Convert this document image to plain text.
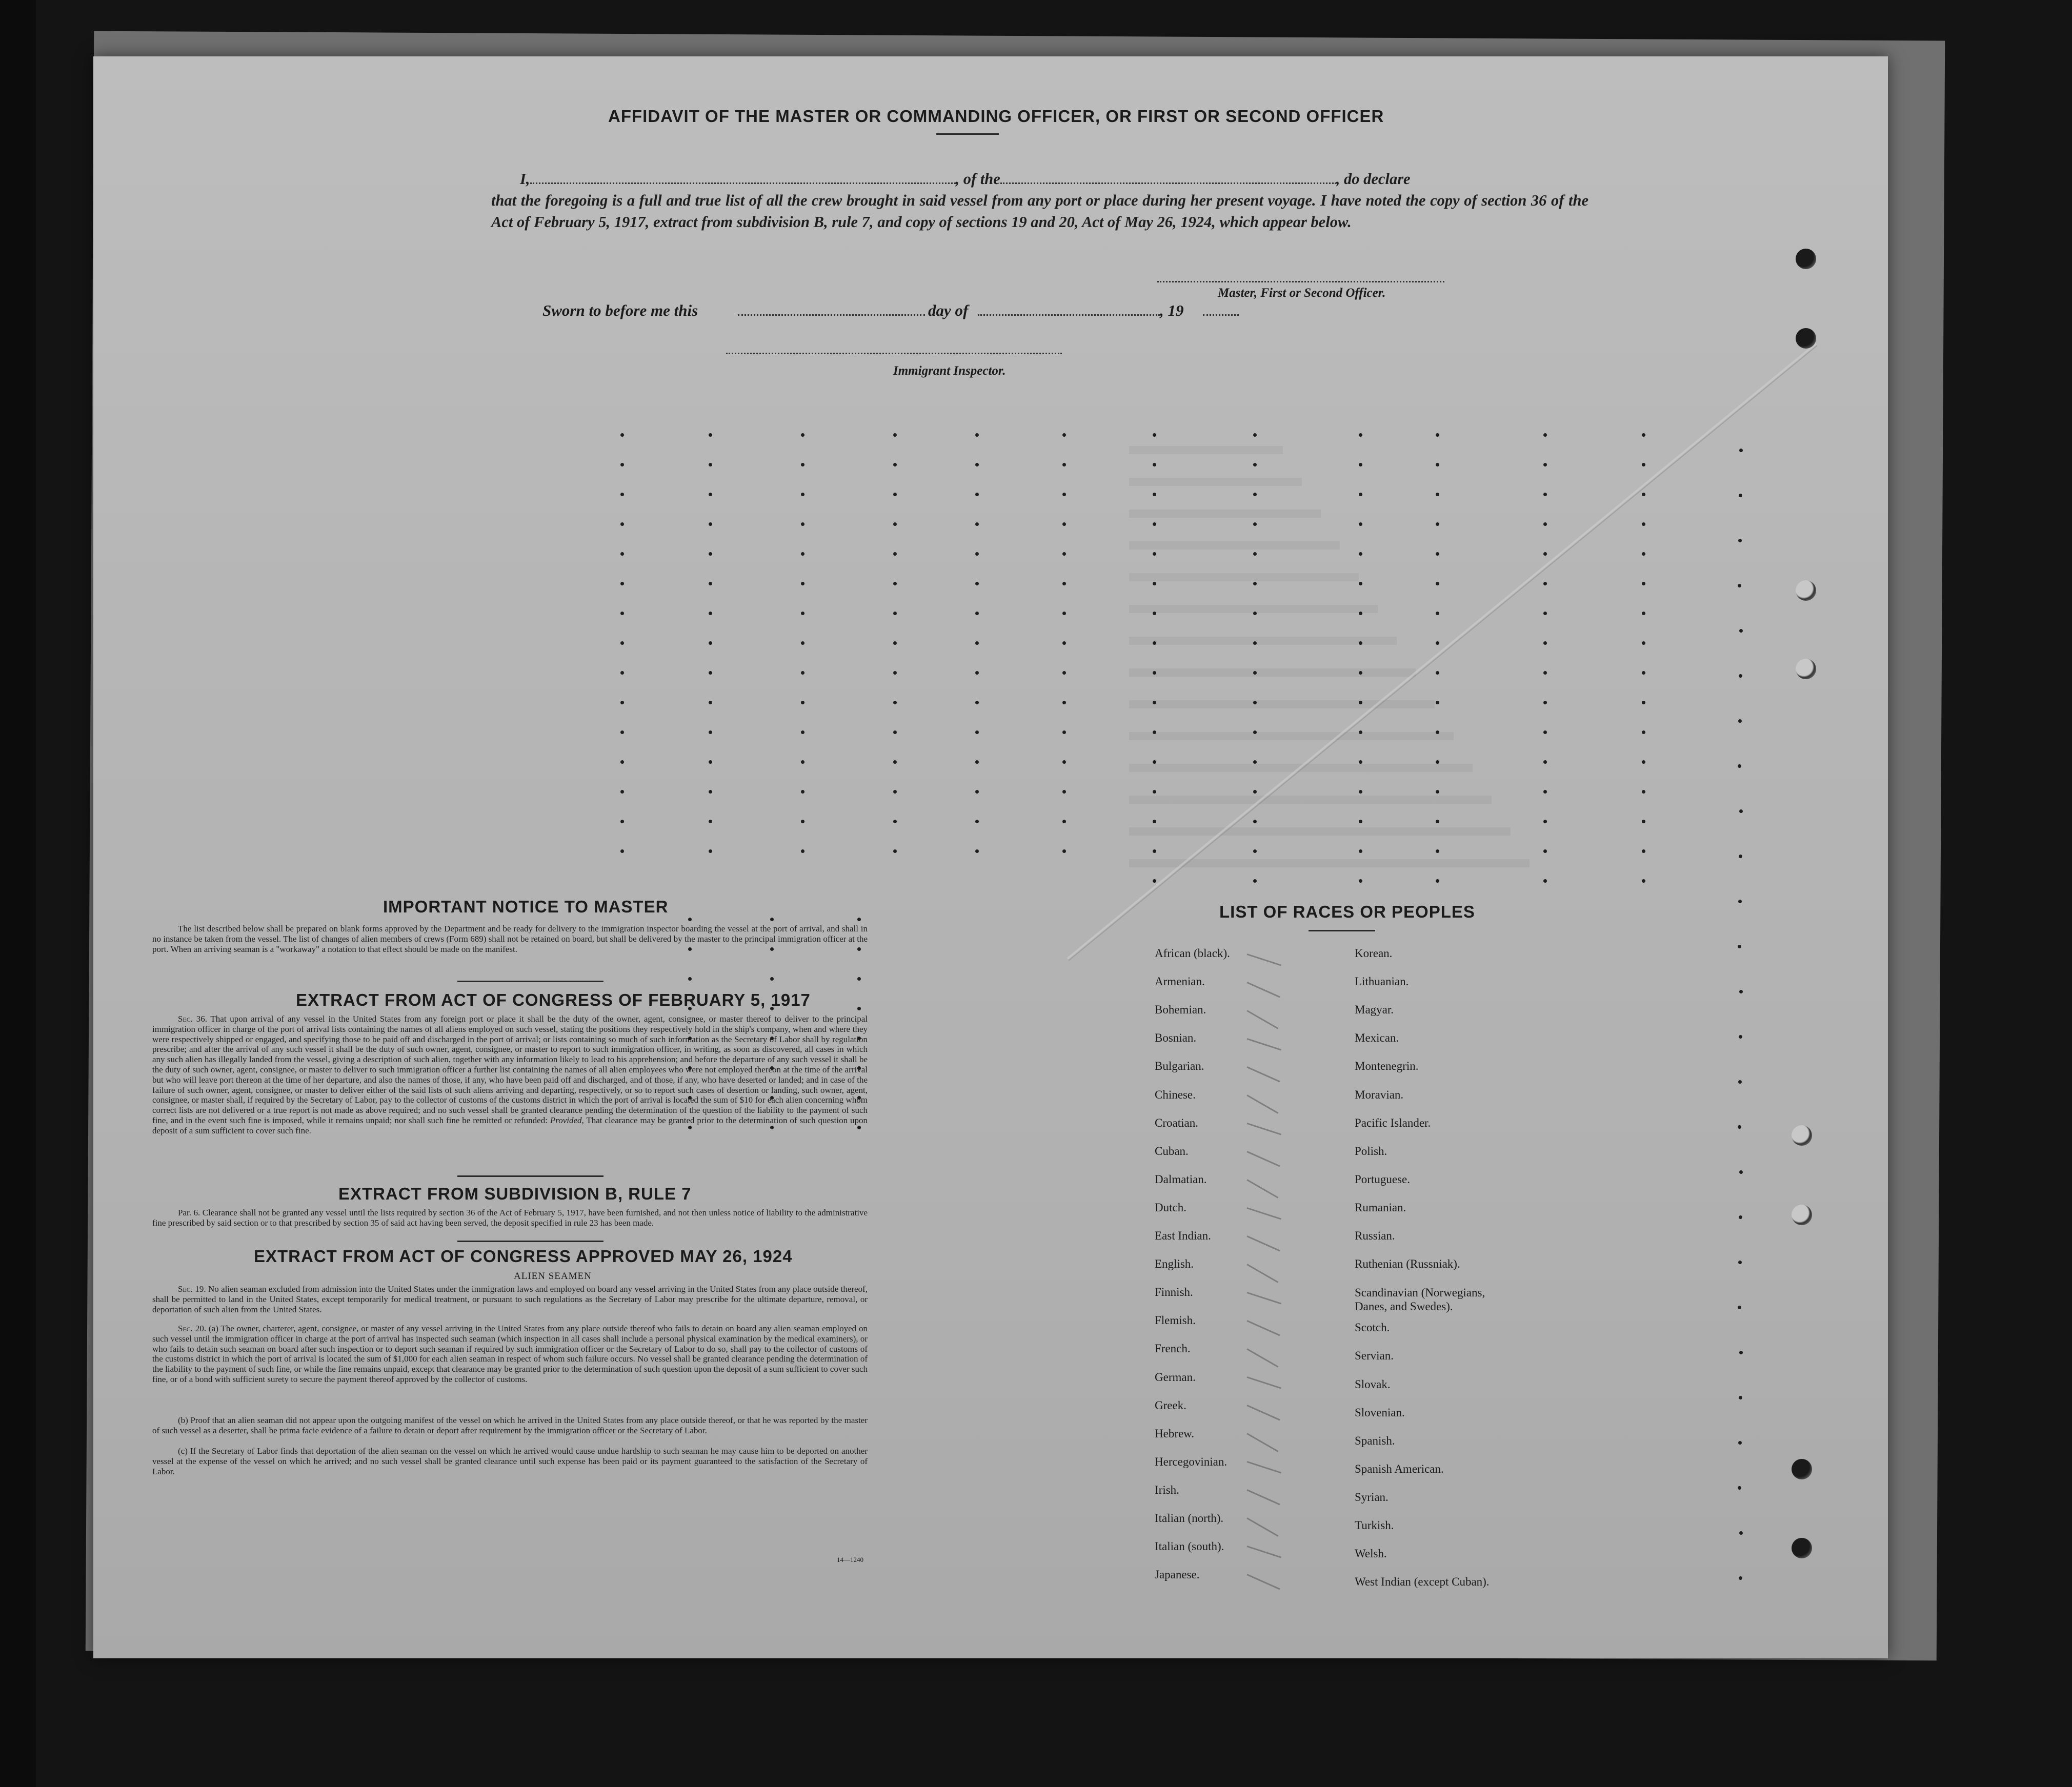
AFFIDAVIT OF THE MASTER OR COMMANDING OFFICER, OR FIRST OR SECOND OFFICER
I,	, of the	, do declare
that the foregoing is a full and true list of all the crew brought in said vessel from any port or place during her present voyage. I have noted the copy of section 36 of the Act of February 5, 1917, extract from subdivision B, rule 7, and copy of sections 19 and 20, Act of May 26, 1924, which appear below.
Master, First or Second Officer.
Sworn to before me this	day of	, 19
Immigrant Inspector.
IMPORTANT NOTICE TO MASTER
The list described below shall be prepared on blank forms approved by the Department and be ready for delivery to the immigration inspector boarding the vessel at the port of arrival, and shall in no instance be taken from the vessel. The list of changes of alien members of crews (Form 689) shall not be retained on board, but shall be delivered by the master to the principal immigration officer at the port. When an arriving seaman is a "workaway" a notation to that effect should be made on the manifest.
EXTRACT FROM ACT OF CONGRESS OF FEBRUARY 5, 1917
Sec. 36. That upon arrival of any vessel in the United States from any foreign port or place it shall be the duty of the owner, agent, consignee, or master thereof to deliver to the principal immigration officer in charge of the port of arrival lists containing the names of all aliens employed on such vessel, stating the positions they respectively hold in the ship's company, when and where they were respectively shipped or engaged, and specifying those to be paid off and discharged in the port of arrival; or lists containing so much of such information as the Secretary of Labor shall by regulation prescribe; and after the arrival of any such vessel it shall be the duty of such owner, agent, consignee, or master to report to such immigration officer, in writing, as soon as discovered, all cases in which any such alien has illegally landed from the vessel, giving a description of such alien, together with any information likely to lead to his apprehension; and before the departure of any such vessel it shall be the duty of such owner, agent, consignee, or master to deliver to such immigration officer a further list containing the names of all alien employees who were not employed thereon at the time of the arrival but who will leave port thereon at the time of her departure, and also the names of those, if any, who have been paid off and discharged, and of those, if any, who have deserted or landed; and in case of the failure of such owner, agent, consignee, or master to deliver either of the said lists of such aliens arriving and departing, respectively, or so to report such cases of desertion or landing, such owner, agent, consignee, or master shall, if required by the Secretary of Labor, pay to the collector of customs of the customs district in which the port of arrival is located the sum of $10 for each alien concerning whom correct lists are not delivered or a true report is not made as above required; and no such vessel shall be granted clearance pending the determination of the question of the liability to the payment of such fine, and in the event such fine is imposed, while it remains unpaid; nor shall such fine be remitted or refunded: Provided, That clearance may be granted prior to the determination of such question upon deposit of a sum sufficient to cover such fine.
EXTRACT FROM SUBDIVISION B, RULE 7
Par. 6. Clearance shall not be granted any vessel until the lists required by section 36 of the Act of February 5, 1917, have been furnished, and not then unless notice of liability to the administrative fine prescribed by said section or to that prescribed by section 35 of said act having been served, the deposit specified in rule 23 has been made.
EXTRACT FROM ACT OF CONGRESS APPROVED MAY 26, 1924
ALIEN SEAMEN
Sec. 19. No alien seaman excluded from admission into the United States under the immigration laws and employed on board any vessel arriving in the United States from any place outside thereof, shall be permitted to land in the United States, except temporarily for medical treatment, or pursuant to such regulations as the Secretary of Labor may prescribe for the ultimate departure, removal, or deportation of such alien from the United States.
Sec. 20. (a) The owner, charterer, agent, consignee, or master of any vessel arriving in the United States from any place outside thereof who fails to detain on board any alien seaman employed on such vessel until the immigration officer in charge at the port of arrival has inspected such seaman (which inspection in all cases shall include a personal physical examination by the medical examiners), or who fails to detain such seaman on board after such inspection or to deport such seaman if required by such immigration officer or the Secretary of Labor to do so, shall pay to the collector of customs of the customs district in which the port of arrival is located the sum of $1,000 for each alien seaman in respect of whom such failure occurs. No vessel shall be granted clearance pending the determination of the liability to the payment of such fine, or while the fine remains unpaid, except that clearance may be granted prior to the determination of such question upon the deposit of a sum sufficient to cover such fine, or of a bond with sufficient surety to secure the payment thereof approved by the collector of customs.
(b) Proof that an alien seaman did not appear upon the outgoing manifest of the vessel on which he arrived in the United States from any place outside thereof, or that he was reported by the master of such vessel as a deserter, shall be prima facie evidence of a failure to detain or deport after requirement by the immigration officer or the Secretary of Labor.
(c) If the Secretary of Labor finds that deportation of the alien seaman on the vessel on which he arrived would cause undue hardship to such seaman he may cause him to be deported on another vessel at the expense of the vessel on which he arrived; and no such vessel shall be granted clearance until such expense has been paid or its payment guaranteed to the satisfaction of the Secretary of Labor.
14—1240
LIST OF RACES OR PEOPLES
African (black).
Armenian.
Bohemian.
Bosnian.
Bulgarian.
Chinese.
Croatian.
Cuban.
Dalmatian.
Dutch.
East Indian.
English.
Finnish.
Flemish.
French.
German.
Greek.
Hebrew.
Hercegovinian.
Irish.
Italian (north).
Italian (south).
Japanese.
Korean.
Lithuanian.
Magyar.
Mexican.
Montenegrin.
Moravian.
Pacific Islander.
Polish.
Portuguese.
Rumanian.
Russian.
Ruthenian (Russniak).
Scandinavian (Norwegians, Danes, and Swedes).
Scotch.
Servian.
Slovak.
Slovenian.
Spanish.
Spanish American.
Syrian.
Turkish.
Welsh.
West Indian (except Cuban).
